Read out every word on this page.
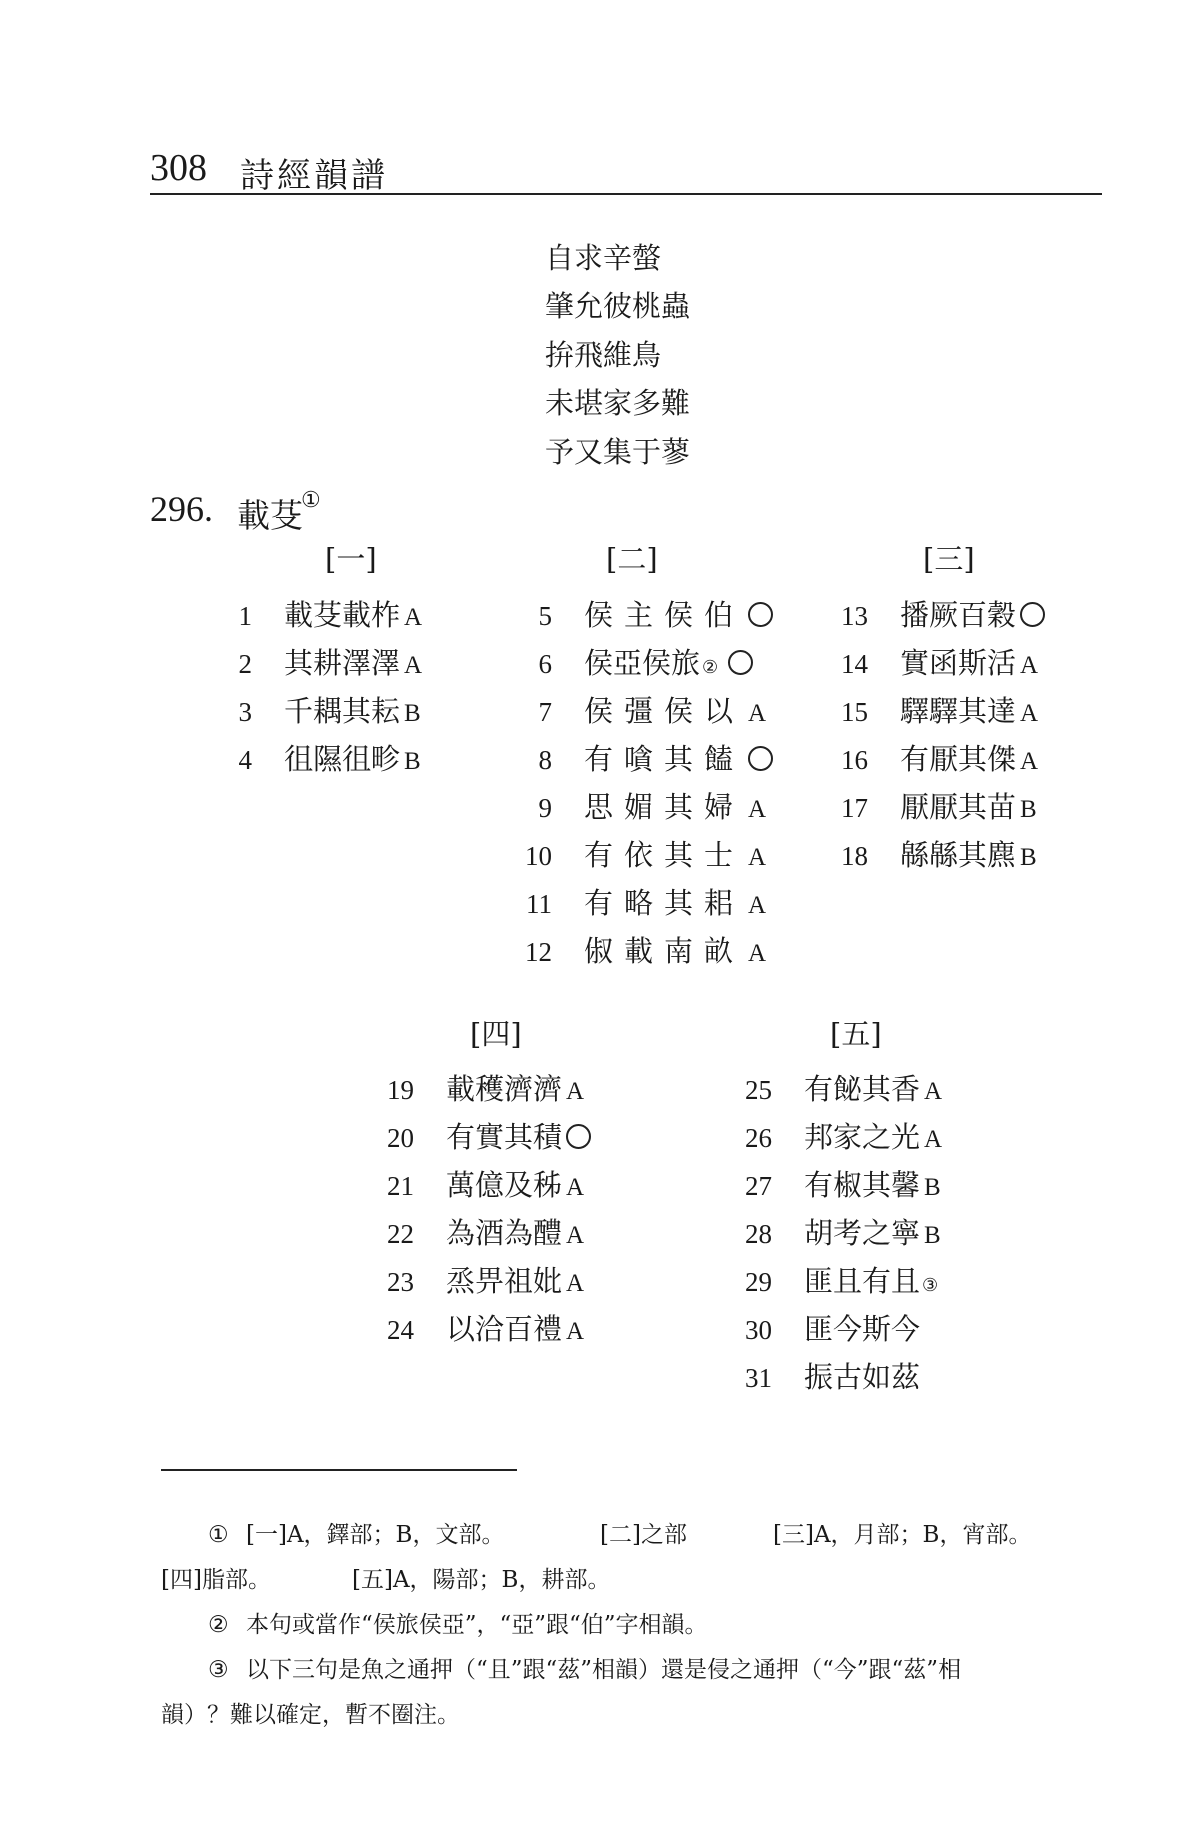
308 詩經韻譜
自求辛螫
肇允彼桃蟲
拚飛維鳥
未堪家多難
予又集于蓼
296. 載芟
①
[一]	[二]	[三]
[四]	[五]
1 載芟載柞 A
2 其耕澤澤 A
3 千耦其耘 B
4 徂隰徂畛 B
5 侯主侯伯
6 侯亞侯旅 ②
7 侯彊侯以 A
8 有嗿其饁
9 思媚其婦 A
10 有依其士 A
11 有略其耜 A
12 俶載南畝 A
13 播厥百穀
14 實函斯活 A
15 驛驛其達 A
16 有厭其傑 A
17 厭厭其苗 B
18 緜緜其麃 B
19 載穫濟濟 A
20 有實其積
21 萬億及秭 A
22 為酒為醴 A
23 烝畀祖妣 A
24 以洽百禮 A
25 有飶其香 A
26 邦家之光 A
27 有椒其馨 B
28 胡考之寧 B
29 匪且有且 ③
30 匪今斯今
31 振古如茲
① [一]A，鐸部；B，文部。	[二]之部	[三]A，月部；B，宵部。
[四]脂部。	[五]A，陽部；B，耕部。
② 本句或當作“侯旅侯亞”，“亞”跟“伯”字相韻。
③ 以下三句是魚之通押（“且”跟“茲”相韻）還是侵之通押（“今”跟“茲”相
韻）？難以確定，暫不圈注。
